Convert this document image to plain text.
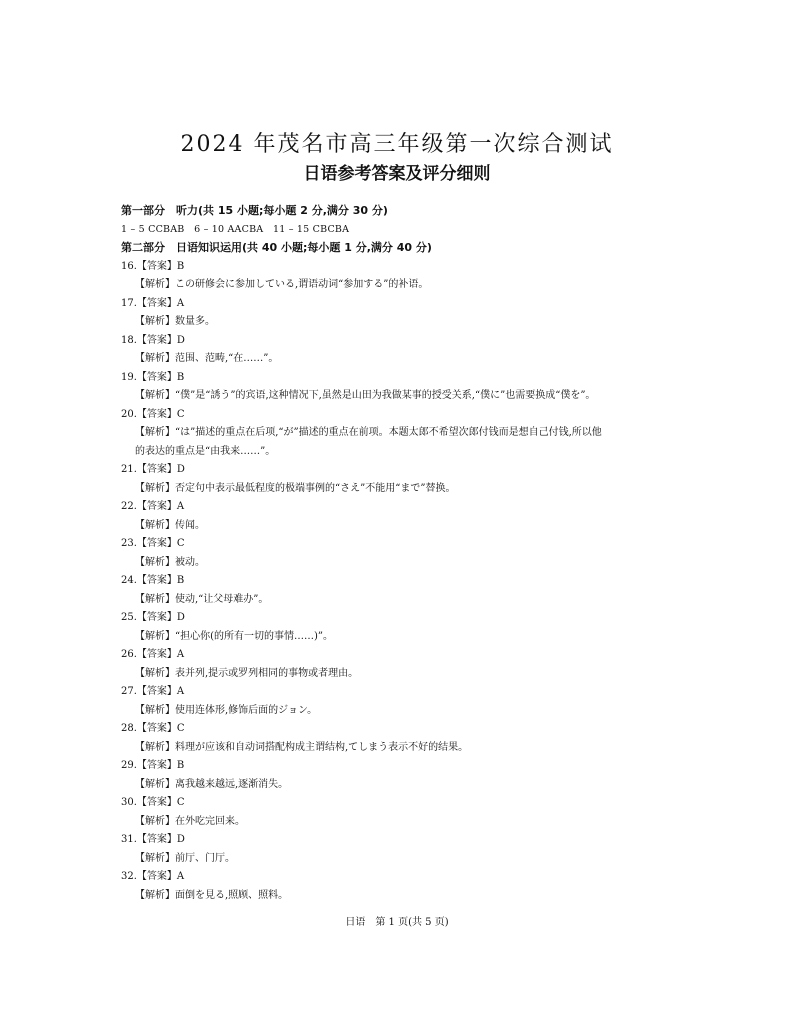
2024 年茂名市高三年级第一次综合测试
日语参考答案及评分细则

第一部分　听力(共 15 小题;每小题 2 分,满分 30 分)

1 – 5 CCBAB　6 – 10 AACBA　11 – 15 CBCBA

第二部分　日语知识运用(共 40 小题;每小题 1 分,满分 40 分)

16.【答案】B

【解析】この研修会に参加している,谓语动词“参加する”的补语。

17.【答案】A

【解析】数量多。

18.【答案】D

【解析】范围、范畴,“在……”。

19.【答案】B

【解析】“僕”是“誘う”的宾语,这种情况下,虽然是山田为我做某事的授受关系,“僕に”也需要换成“僕を”。

20.【答案】C

【解析】“は”描述的重点在后项,“が”描述的重点在前项。本题太郎不希望次郎付钱而是想自己付钱,所以他

的表达的重点是“由我来……”。

21.【答案】D

【解析】否定句中表示最低程度的极端事例的“さえ”不能用“まで”替换。

22.【答案】A

【解析】传闻。

23.【答案】C

【解析】被动。

24.【答案】B

【解析】使动,“让父母难办”。

25.【答案】D

【解析】“担心你(的所有一切的事情……)”。

26.【答案】A

【解析】表并列,提示或罗列相同的事物或者理由。

27.【答案】A

【解析】使用连体形,修饰后面的ジョン。

28.【答案】C

【解析】料理が应该和自动词搭配构成主谓结构,てしまう表示不好的结果。

29.【答案】B

【解析】离我越来越远,逐渐消失。

30.【答案】C

【解析】在外吃完回来。

31.【答案】D

【解析】前厅、门厅。

32.【答案】A

【解析】面倒を見る,照顾、照料。

日语　第 1 页(共 5 页)
